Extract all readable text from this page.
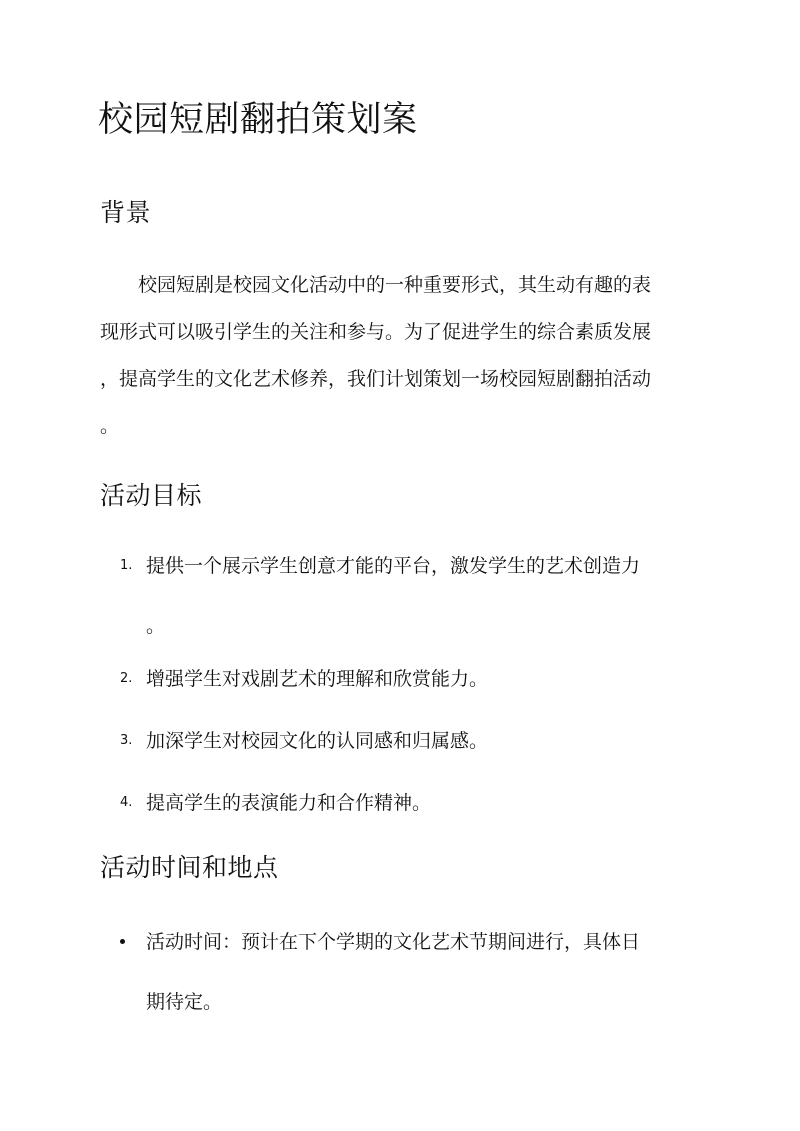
校园短剧翻拍策划案
背景

校园短剧是校园文化活动中的一种重要形式，其生动有趣的表
现形式可以吸引学生的关注和参与。为了促进学生的综合素质发展
，提高学生的文化艺术修养，我们计划策划一场校园短剧翻拍活动
。

活动目标
1. 提供一个展示学生创意才能的平台，激发学生的艺术创造力
。
2. 增强学生对戏剧艺术的理解和欣赏能力。
3. 加深学生对校园文化的认同感和归属感。
4. 提高学生的表演能力和合作精神。
活动时间和地点
活动时间：预计在下个学期的文化艺术节期间进行，具体日
期待定。
